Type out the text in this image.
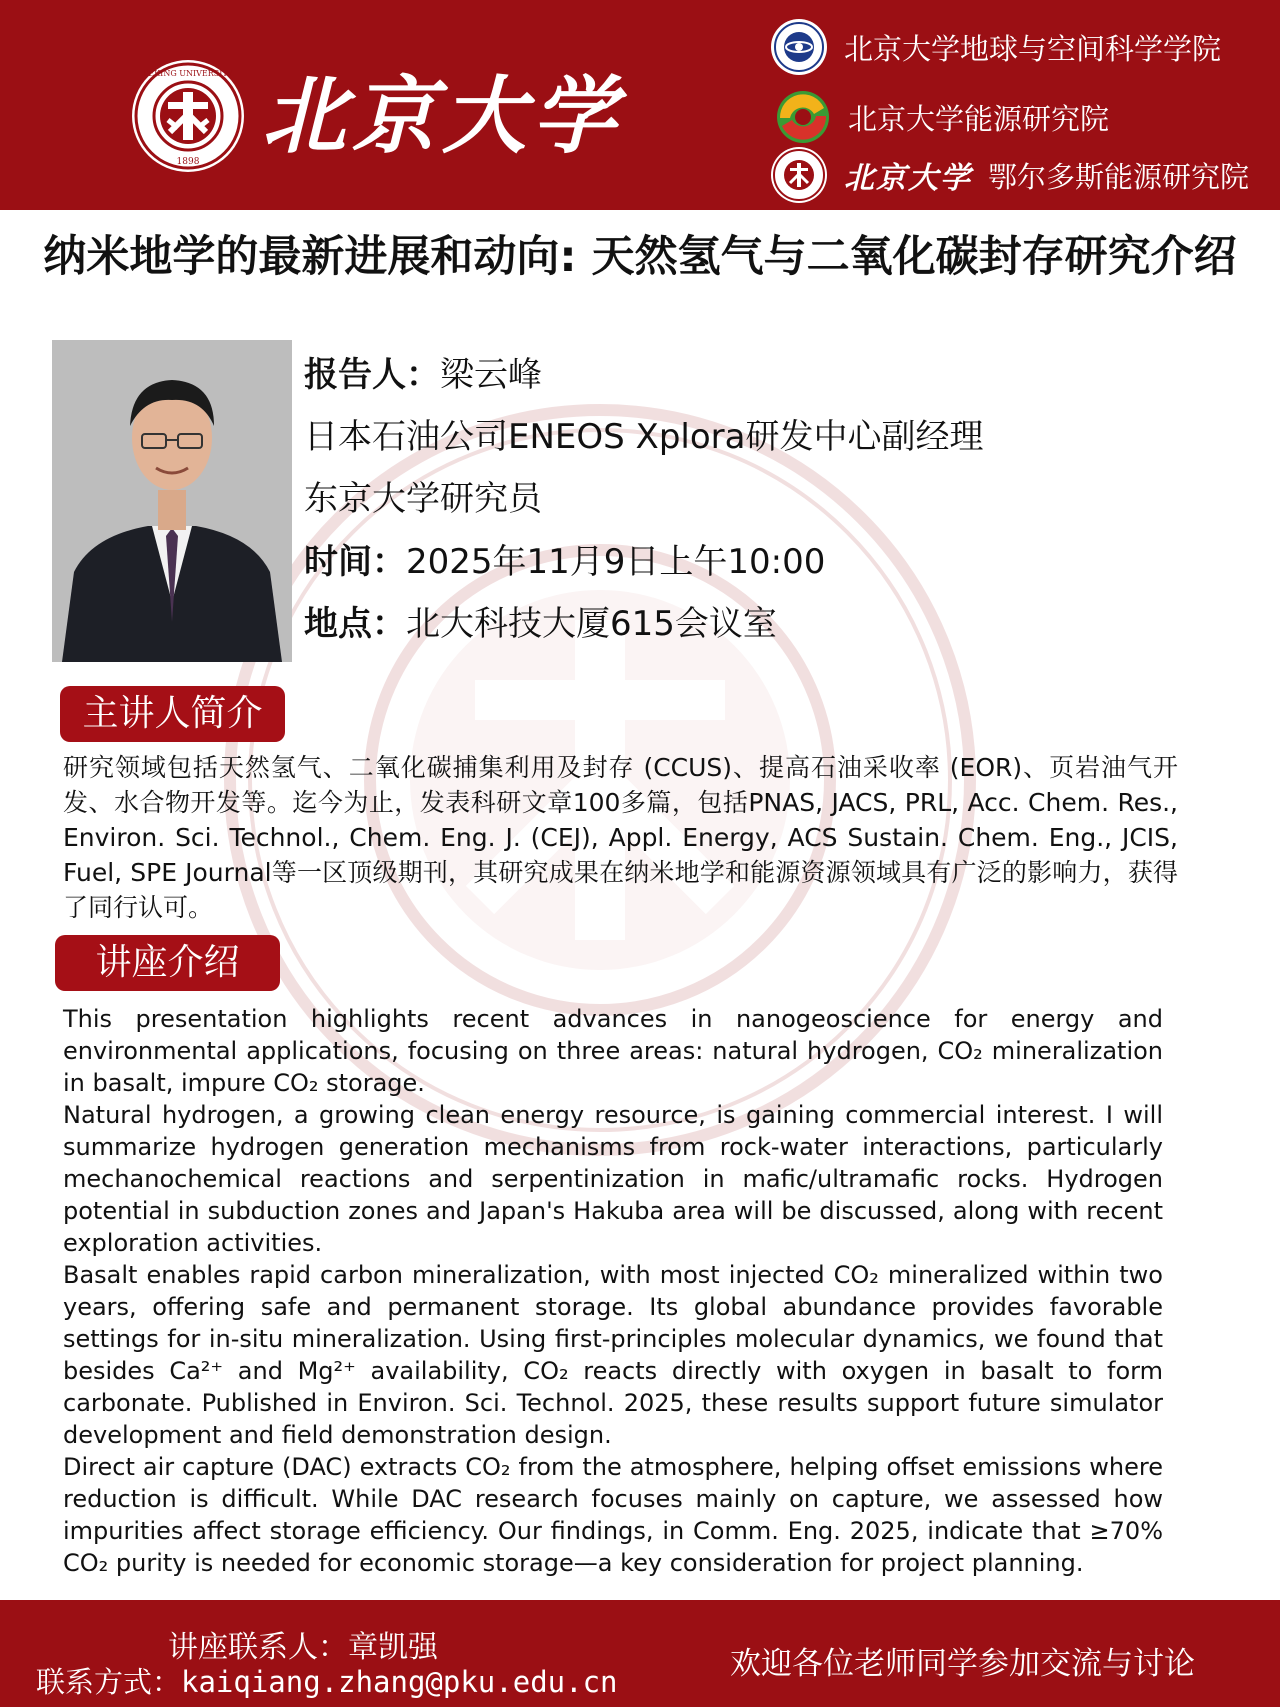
PEKING UNIVERSITY
1898 北京大学
北京大学地球与空间科学学院
北京大学能源研究院
北京大学 鄂尔多斯能源研究院
纳米地学的最新进展和动向: 天然氢气与二氧化碳封存研究介绍
报告人：梁云峰
日本石油公司ENEOS Xplora研发中心副经理
东京大学研究员
时间：2025年11月9日上午10:00
地点：北大科技大厦615会议室
主讲人简介
研究领域包括天然氢气、二氧化碳捕集利用及封存 (CCUS)、提高石油采收率 (EOR)、页岩油气开发、水合物开发等。迄今为止，发表科研文章100多篇，包括PNAS, JACS, PRL, Acc. Chem. Res., Environ. Sci. Technol., Chem. Eng. J. (CEJ), Appl. Energy, ACS Sustain. Chem. Eng., JCIS, Fuel, SPE Journal等一区顶级期刊，其研究成果在纳米地学和能源资源领域具有广泛的影响力，获得了同行认可。
讲座介绍

This presentation highlights recent advances in nanogeoscience for energy and environmental applications, focusing on three areas: natural hydrogen, CO₂ mineralization in basalt, impure CO₂ storage.

Natural hydrogen, a growing clean energy resource, is gaining commercial interest. I will summarize hydrogen generation mechanisms from rock-water interactions, particularly mechanochemical reactions and serpentinization in mafic/ultramafic rocks. Hydrogen potential in subduction zones and Japan's Hakuba area will be discussed, along with recent exploration activities.

Basalt enables rapid carbon mineralization, with most injected CO₂ mineralized within two years, offering safe and permanent storage. Its global abundance provides favorable settings for in-situ mineralization. Using first-principles molecular dynamics, we found that besides Ca²⁺ and Mg²⁺ availability, CO₂ reacts directly with oxygen in basalt to form carbonate. Published in Environ. Sci. Technol. 2025, these results support future simulator development and field demonstration design.

Direct air capture (DAC) extracts CO₂ from the atmosphere, helping offset emissions where reduction is difficult. While DAC research focuses mainly on capture, we assessed how impurities affect storage efficiency. Our findings, in Comm. Eng. 2025, indicate that ≥70% CO₂ purity is needed for economic storage—a key consideration for project planning.

讲座联系人：章凯强
联系方式：kaiqiang.zhang@pku.edu.cn	欢迎各位老师同学参加交流与讨论
